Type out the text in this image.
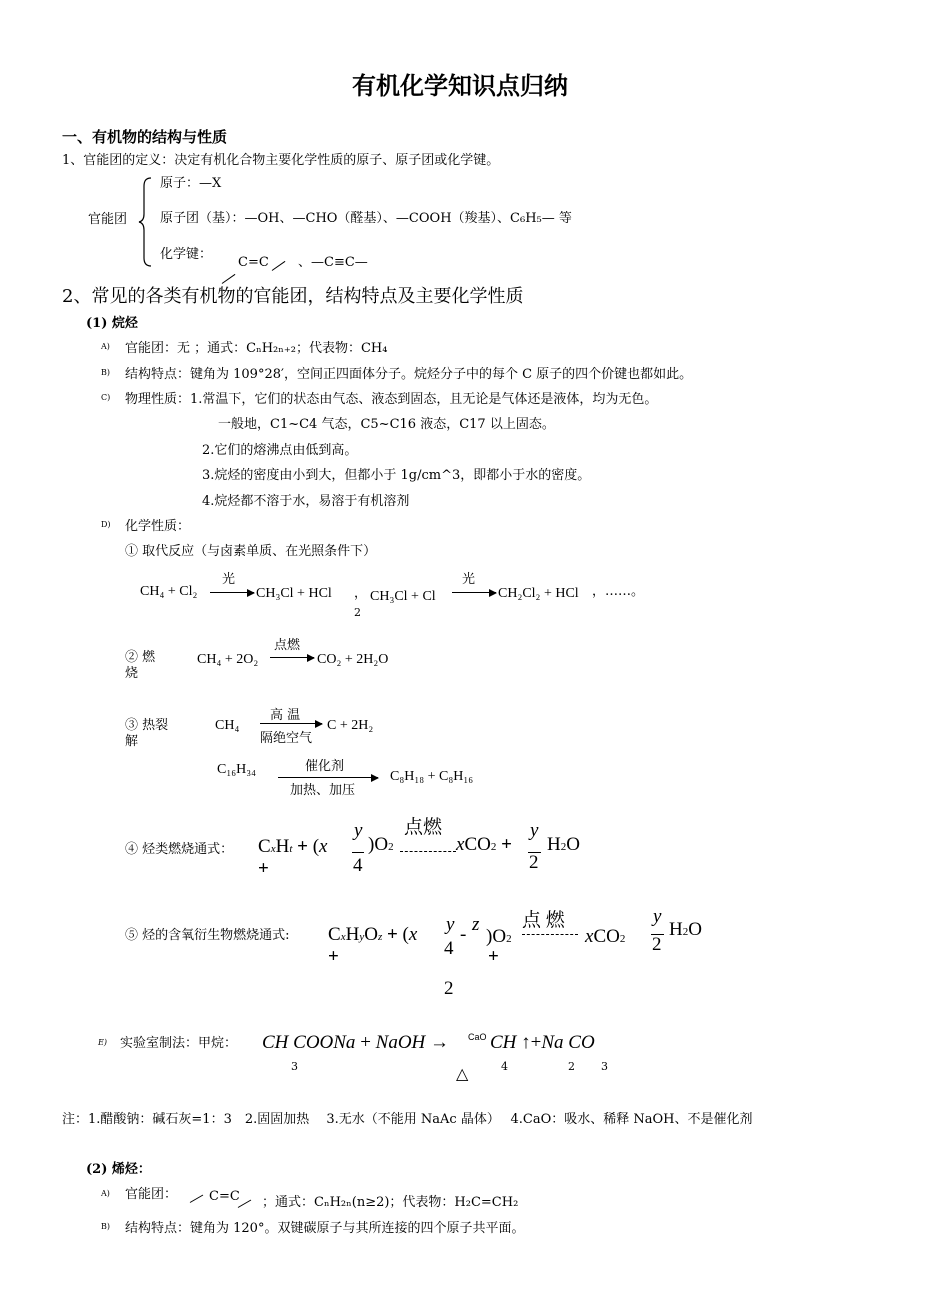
有机化学知识点归纳
一、有机物的结构与性质
1、官能团的定义：决定有机化合物主要化学性质的原子、原子团或化学键。
官能团
原子：—X
原子团（基）：—OH、—CHO（醛基）、—COOH（羧基）、C₆H₅— 等
化学键：
C=C 、—C≡C—
2、常见的各类有机物的官能团，结构特点及主要化学性质
(1) 烷烃
A) 官能团：无 ；通式：CₙH₂ₙ₊₂；代表物：CH₄
B) 结构特点：键角为 109°28′，空间正四面体分子。烷烃分子中的每个 C 原子的四个价键也都如此。
C) 物理性质：1.常温下，它们的状态由气态、液态到固态，且无论是气体还是液体，均为无色。
一般地，C1~C4 气态，C5~C16 液态，C17 以上固态。
2.它们的熔沸点由低到高。
3.烷烃的密度由小到大，但都小于 1g/cm^3，即都小于水的密度。
4.烷烃都不溶于水，易溶于有机溶剂
D) 化学性质：
① 取代反应（与卤素单质、在光照条件下）
CH₄ + Cl₂
光
CH₃Cl + HCl ，
2
CH₃Cl + Cl
光
CH₂Cl₂ + HCl ，……。
② 燃烧
CH₄ + 2O₂
点燃
CO₂ + 2H₂O
③ 热裂解
CH₄
高 温
隔绝空气
C + 2H₂
C₁₆H₃₄	催化剂
加热、加压
C₈H₁₈ + C₈H₁₆
④ 烃类燃烧通式： CxHt + (x
+
y
4
)O2
点燃
xCO2 +
y
2
H2O
⑤ 烃的含氧衍生物燃烧通式: CxHyOz + (x
+
y
4
- z
)O2
+
2
点 燃
xCO2
y
2
H2O
E) 实验室制法：甲烷： CH COONa + NaOH → CaO CH ↑+Na CO
3	△	4	2 3
注：1.醋酸钠：碱石灰=1：3　2.固固加热　 3.无水（不能用 NaAc 晶体）　 4.CaO：吸水、稀释 NaOH、不是催化剂
(2) 烯烃：
A) 官能团： C=C ；通式：CₙH₂ₙ(n≥2)；代表物：H₂C=CH₂
B) 结构特点：键角为 120°。双键碳原子与其所连接的四个原子共平面。
